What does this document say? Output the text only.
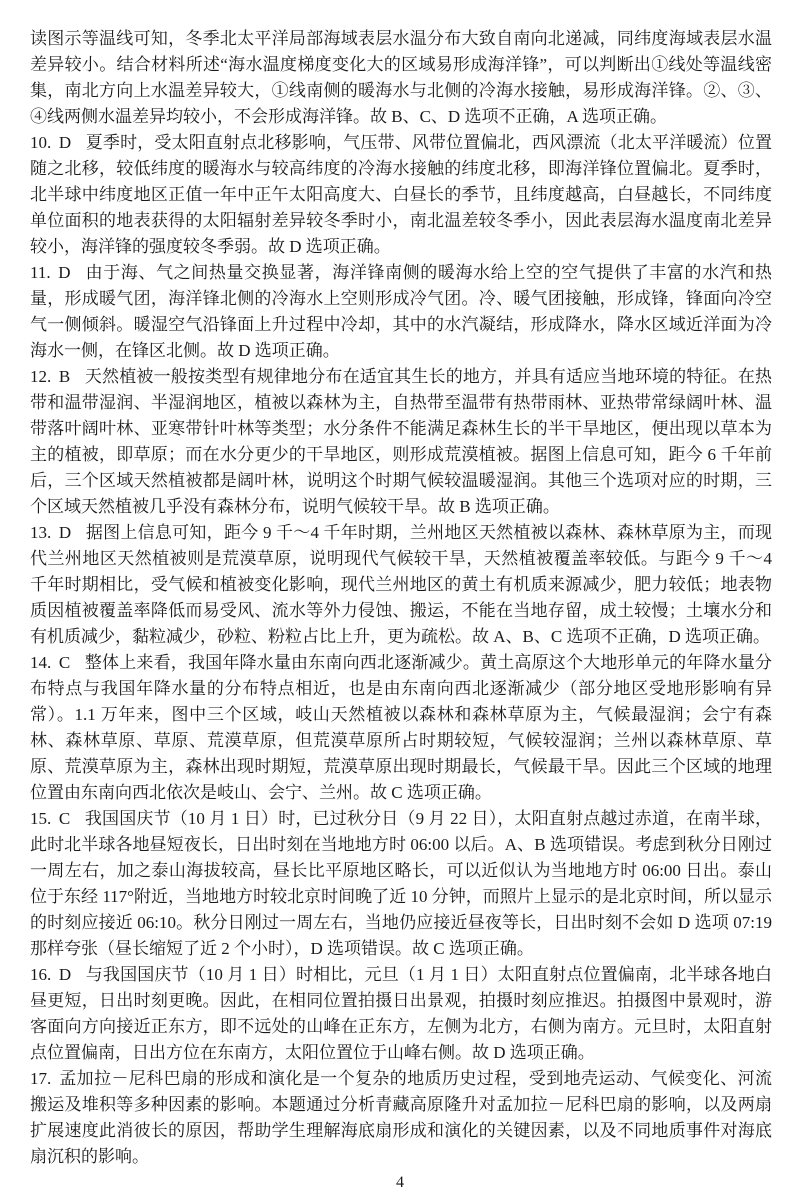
读图示等温线可知，冬季北太平洋局部海域表层水温分布大致自南向北递减，同纬度海域表层水温差异较小。结合材料所述“海水温度梯度变化大的区域易形成海洋锋”，可以判断出①线处等温线密集，南北方向上水温差异较大，①线南侧的暖海水与北侧的冷海水接触，易形成海洋锋。②、③、④线两侧水温差异均较小，不会形成海洋锋。故 B、C、D 选项不正确，A 选项正确。

10. D 夏季时，受太阳直射点北移影响，气压带、风带位置偏北，西风漂流（北太平洋暖流）位置随之北移，较低纬度的暖海水与较高纬度的冷海水接触的纬度北移，即海洋锋位置偏北。夏季时，北半球中纬度地区正值一年中正午太阳高度大、白昼长的季节，且纬度越高，白昼越长，不同纬度单位面积的地表获得的太阳辐射差异较冬季时小，南北温差较冬季小，因此表层海水温度南北差异较小，海洋锋的强度较冬季弱。故 D 选项正确。

11. D 由于海、气之间热量交换显著，海洋锋南侧的暖海水给上空的空气提供了丰富的水汽和热量，形成暖气团，海洋锋北侧的冷海水上空则形成冷气团。冷、暖气团接触，形成锋，锋面向冷空气一侧倾斜。暖湿空气沿锋面上升过程中冷却，其中的水汽凝结，形成降水，降水区域近洋面为冷海水一侧，在锋区北侧。故 D 选项正确。

12. B 天然植被一般按类型有规律地分布在适宜其生长的地方，并具有适应当地环境的特征。在热带和温带湿润、半湿润地区，植被以森林为主，自热带至温带有热带雨林、亚热带常绿阔叶林、温带落叶阔叶林、亚寒带针叶林等类型；水分条件不能满足森林生长的半干旱地区，便出现以草本为主的植被，即草原；而在水分更少的干旱地区，则形成荒漠植被。据图上信息可知，距今 6 千年前后，三个区域天然植被都是阔叶林，说明这个时期气候较温暖湿润。其他三个选项对应的时期，三个区域天然植被几乎没有森林分布，说明气候较干旱。故 B 选项正确。

13. D 据图上信息可知，距今 9 千～4 千年时期，兰州地区天然植被以森林、森林草原为主，而现代兰州地区天然植被则是荒漠草原，说明现代气候较干旱，天然植被覆盖率较低。与距今 9 千～4 千年时期相比，受气候和植被变化影响，现代兰州地区的黄土有机质来源减少，肥力较低；地表物质因植被覆盖率降低而易受风、流水等外力侵蚀、搬运，不能在当地存留，成土较慢；土壤水分和有机质减少，黏粒减少，砂粒、粉粒占比上升，更为疏松。故 A、B、C 选项不正确，D 选项正确。

14. C 整体上来看，我国年降水量由东南向西北逐渐减少。黄土高原这个大地形单元的年降水量分布特点与我国年降水量的分布特点相近，也是由东南向西北逐渐减少（部分地区受地形影响有异常）。1.1 万年来，图中三个区域，岐山天然植被以森林和森林草原为主，气候最湿润；会宁有森林、森林草原、草原、荒漠草原，但荒漠草原所占时期较短，气候较湿润；兰州以森林草原、草原、荒漠草原为主，森林出现时期短，荒漠草原出现时期最长，气候最干旱。因此三个区域的地理位置由东南向西北依次是岐山、会宁、兰州。故 C 选项正确。

15. C 我国国庆节（10 月 1 日）时，已过秋分日（9 月 22 日），太阳直射点越过赤道，在南半球，此时北半球各地昼短夜长，日出时刻在当地地方时 06:00 以后。A、B 选项错误。考虑到秋分日刚过一周左右，加之泰山海拔较高，昼长比平原地区略长，可以近似认为当地地方时 06:00 日出。泰山位于东经 117°附近，当地地方时较北京时间晚了近 10 分钟，而照片上显示的是北京时间，所以显示的时刻应接近 06:10。秋分日刚过一周左右，当地仍应接近昼夜等长，日出时刻不会如 D 选项 07:19 那样夸张（昼长缩短了近 2 个小时），D 选项错误。故 C 选项正确。

16. D 与我国国庆节（10 月 1 日）时相比，元旦（1 月 1 日）太阳直射点位置偏南，北半球各地白昼更短，日出时刻更晚。因此，在相同位置拍摄日出景观，拍摄时刻应推迟。拍摄图中景观时，游客面向方向接近正东方，即不远处的山峰在正东方，左侧为北方，右侧为南方。元旦时，太阳直射点位置偏南，日出方位在东南方，太阳位置位于山峰右侧。故 D 选项正确。

17. 孟加拉－尼科巴扇的形成和演化是一个复杂的地质历史过程，受到地壳运动、气候变化、河流搬运及堆积等多种因素的影响。本题通过分析青藏高原隆升对孟加拉－尼科巴扇的影响，以及两扇扩展速度此消彼长的原因，帮助学生理解海底扇形成和演化的关键因素，以及不同地质事件对海底扇沉积的影响。

4
